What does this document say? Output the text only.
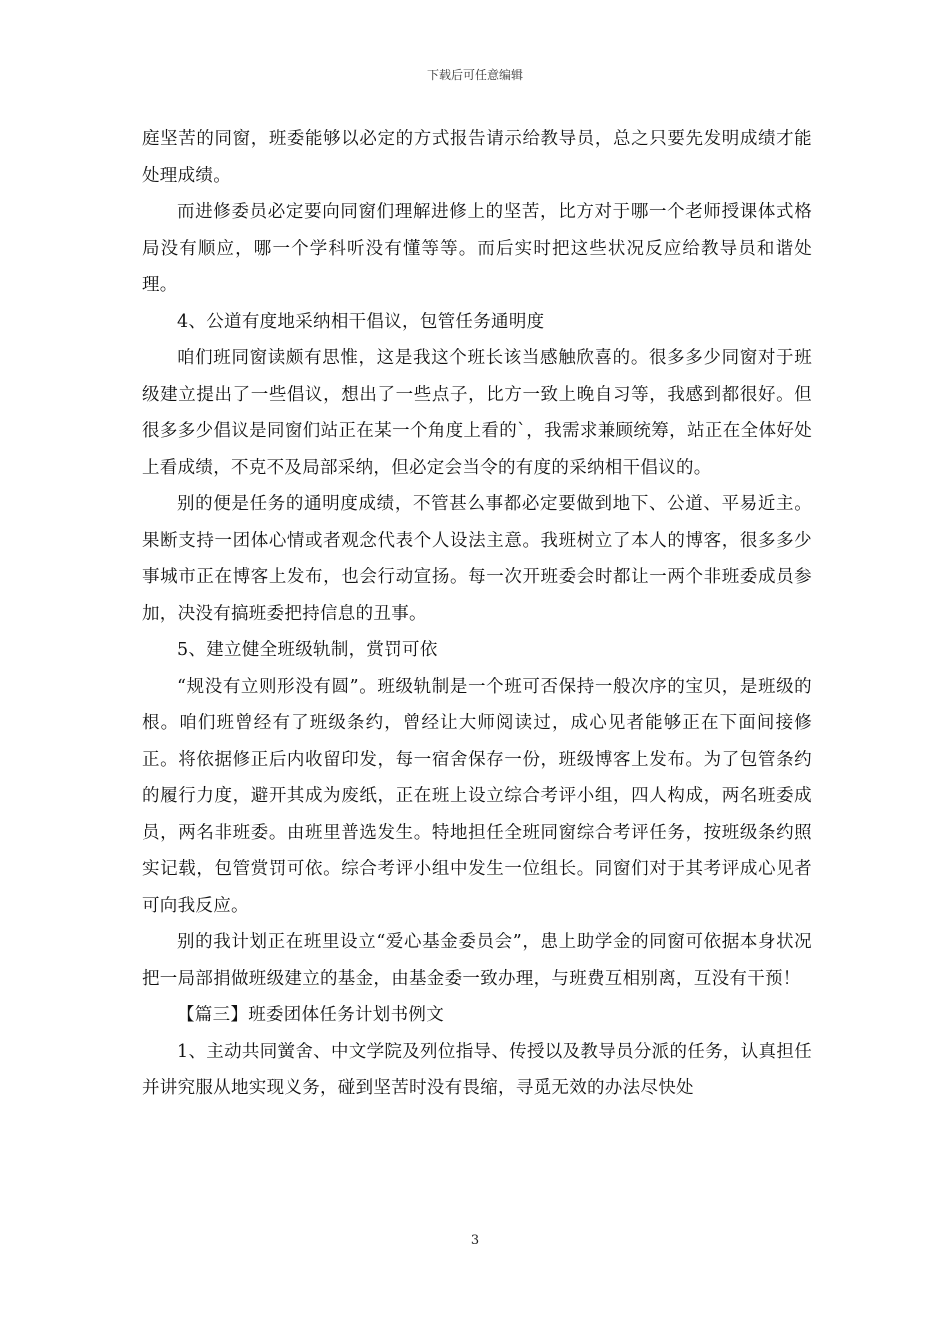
下载后可任意编辑

庭坚苦的同窗，班委能够以必定的方式报告请示给教导员，总之只要先发明成绩才能处理成绩。

而进修委员必定要向同窗们理解进修上的坚苦，比方对于哪一个老师授课体式格局没有顺应，哪一个学科听没有懂等等。而后实时把这些状况反应给教导员和谐处理。

4、公道有度地采纳相干倡议，包管任务通明度

咱们班同窗读颇有思惟，这是我这个班长该当感触欣喜的。很多多少同窗对于班级建立提出了一些倡议，想出了一些点子，比方一致上晚自习等，我感到都很好。但很多多少倡议是同窗们站正在某一个角度上看的`，我需求兼顾统筹，站正在全体好处上看成绩，不克不及局部采纳，但必定会当令的有度的采纳相干倡议的。

别的便是任务的通明度成绩，不管甚么事都必定要做到地下、公道、平易近主。果断支持一团体心情或者观念代表个人设法主意。我班树立了本人的博客，很多多少事城市正在博客上发布，也会行动宣扬。每一次开班委会时都让一两个非班委成员参加，决没有搞班委把持信息的丑事。

5、建立健全班级轨制，赏罚可依

“规没有立则形没有圆”。班级轨制是一个班可否保持一般次序的宝贝，是班级的根。咱们班曾经有了班级条约，曾经让大师阅读过，成心见者能够正在下面间接修正。将依据修正后内收留印发，每一宿舍保存一份，班级博客上发布。为了包管条约的履行力度，避开其成为废纸，正在班上设立综合考评小组，四人构成，两名班委成员，两名非班委。由班里普选发生。特地担任全班同窗综合考评任务，按班级条约照实记载，包管赏罚可依。综合考评小组中发生一位组长。同窗们对于其考评成心见者可向我反应。

别的我计划正在班里设立“爱心基金委员会”，患上助学金的同窗可依据本身状况把一局部捐做班级建立的基金，由基金委一致办理，与班费互相别离，互没有干预！

【篇三】班委团体任务计划书例文

1、主动共同黉舍、中文学院及列位指导、传授以及教导员分派的任务，认真担任并讲究服从地实现义务，碰到坚苦时没有畏缩，寻觅无效的办法尽快处

3
